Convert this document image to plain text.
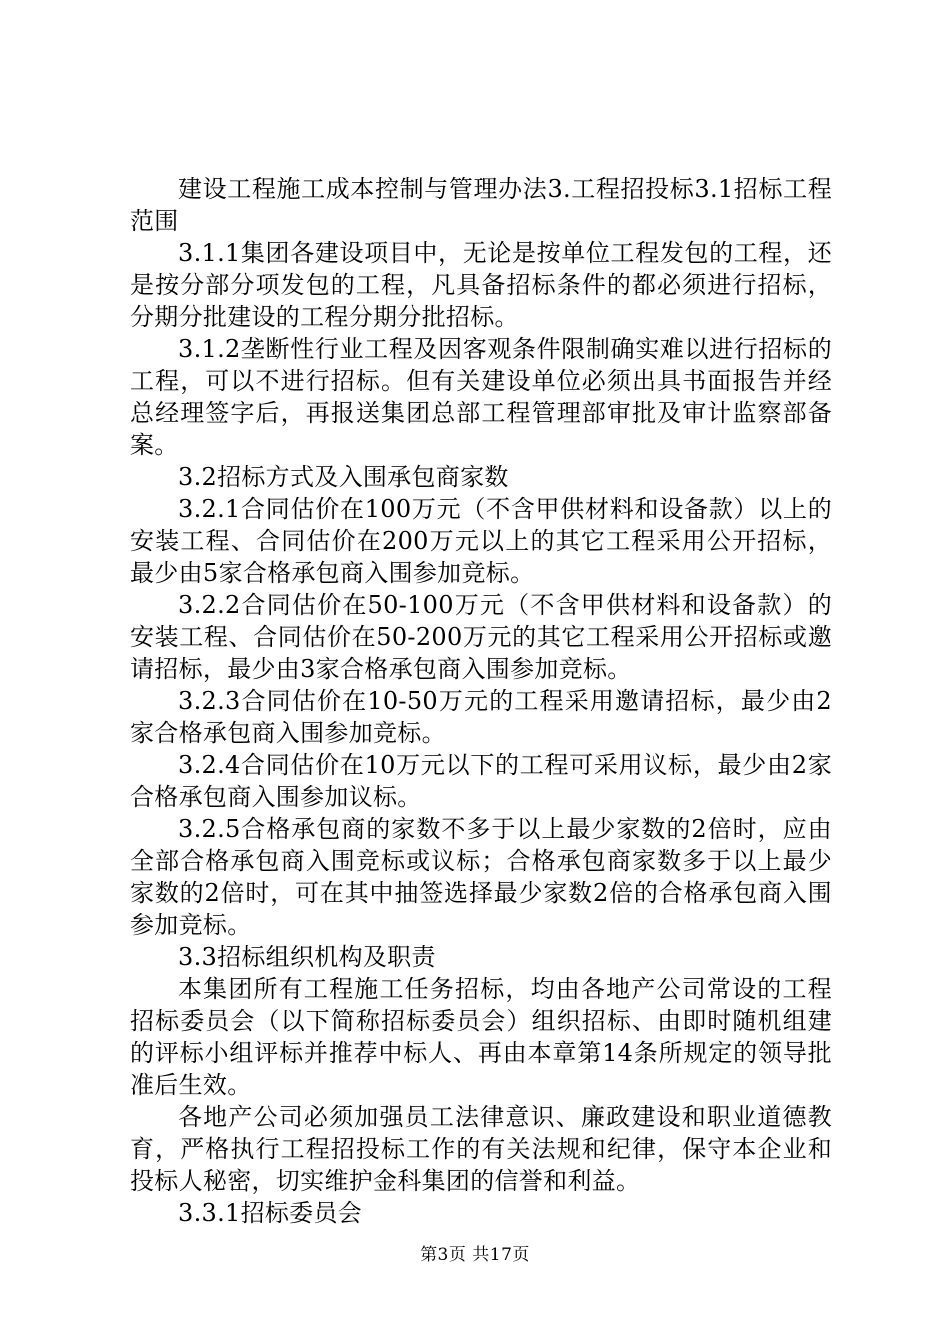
建设工程施工成本控制与管理办法3.工程招投标3.1招标工程范围

3.1.1集团各建设项目中，无论是按单位工程发包的工程，还是按分部分项发包的工程，凡具备招标条件的都必须进行招标，分期分批建设的工程分期分批招标。

3.1.2垄断性行业工程及因客观条件限制确实难以进行招标的工程，可以不进行招标。但有关建设单位必须出具书面报告并经总经理签字后，再报送集团总部工程管理部审批及审计监察部备案。

3.2招标方式及入围承包商家数

3.2.1合同估价在100万元（不含甲供材料和设备款）以上的安装工程、合同估价在200万元以上的其它工程采用公开招标，最少由5家合格承包商入围参加竞标。

3.2.2合同估价在50-100万元（不含甲供材料和设备款）的安装工程、合同估价在50-200万元的其它工程采用公开招标或邀请招标，最少由3家合格承包商入围参加竞标。

3.2.3合同估价在10-50万元的工程采用邀请招标，最少由2家合格承包商入围参加竞标。

3.2.4合同估价在10万元以下的工程可采用议标，最少由2家合格承包商入围参加议标。

3.2.5合格承包商的家数不多于以上最少家数的2倍时，应由全部合格承包商入围竞标或议标；合格承包商家数多于以上最少家数的2倍时，可在其中抽签选择最少家数2倍的合格承包商入围参加竞标。

3.3招标组织机构及职责

本集团所有工程施工任务招标，均由各地产公司常设的工程招标委员会（以下简称招标委员会）组织招标、由即时随机组建的评标小组评标并推荐中标人、再由本章第14条所规定的领导批准后生效。

各地产公司必须加强员工法律意识、廉政建设和职业道德教育，严格执行工程招投标工作的有关法规和纪律，保守本企业和投标人秘密，切实维护金科集团的信誉和利益。

3.3.1招标委员会

第3页 共17页
